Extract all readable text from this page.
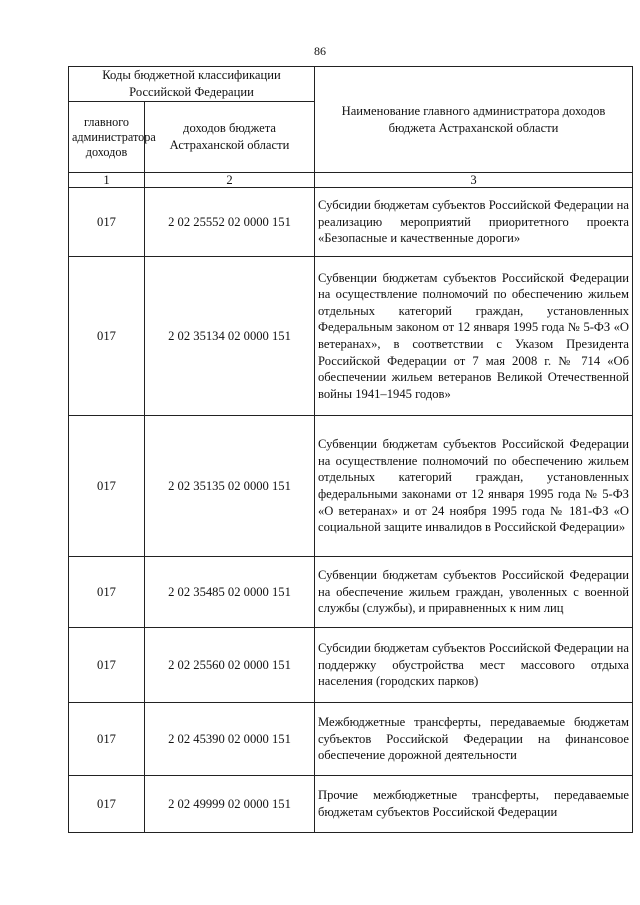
86
Коды бюджетной классификации Российской Федерации		Наименование главного администратора доходов бюджета Астраханской области
главного администратора доходов	доходов бюджета Астраханской области	
1	2	3
017	2 02 25552 02 0000 151	Субсидии бюджетам субъектов Российской Федерации на реализацию мероприятий приоритетного проекта «Безопасные и качественные дороги»
017	2 02 35134 02 0000 151	Субвенции бюджетам субъектов Российской Федерации на осуществление полномочий по обеспечению жильем отдельных категорий граждан, установленных Федеральным законом от 12 января 1995 года № 5-ФЗ «О ветеранах», в соответствии с Указом Президента Российской Федерации от 7 мая 2008 г. № 714 «Об обеспечении жильем ветеранов Великой Отечественной войны 1941–1945 годов»
017	2 02 35135 02 0000 151	Субвенции бюджетам субъектов Российской Федерации на осуществление полномочий по обеспечению жильем отдельных категорий граждан, установленных федеральными законами от 12 января 1995 года № 5-ФЗ «О ветеранах» и от 24 ноября 1995 года № 181-ФЗ «О социальной защите инвалидов в Российской Федерации»
017	2 02 35485 02 0000 151	Субвенции бюджетам субъектов Российской Федерации на обеспечение жильем граждан, уволенных с военной службы (службы), и приравненных к ним лиц
017	2 02 25560 02 0000 151	Субсидии бюджетам субъектов Российской Федерации на поддержку обустройства мест массового отдыха населения (городских парков)
017	2 02 45390 02 0000 151	Межбюджетные трансферты, передаваемые бюджетам субъектов Российской Федерации на финансовое обеспечение дорожной деятельности
017	2 02 49999 02 0000 151	Прочие межбюджетные трансферты, передаваемые бюджетам субъектов Российской Федерации
